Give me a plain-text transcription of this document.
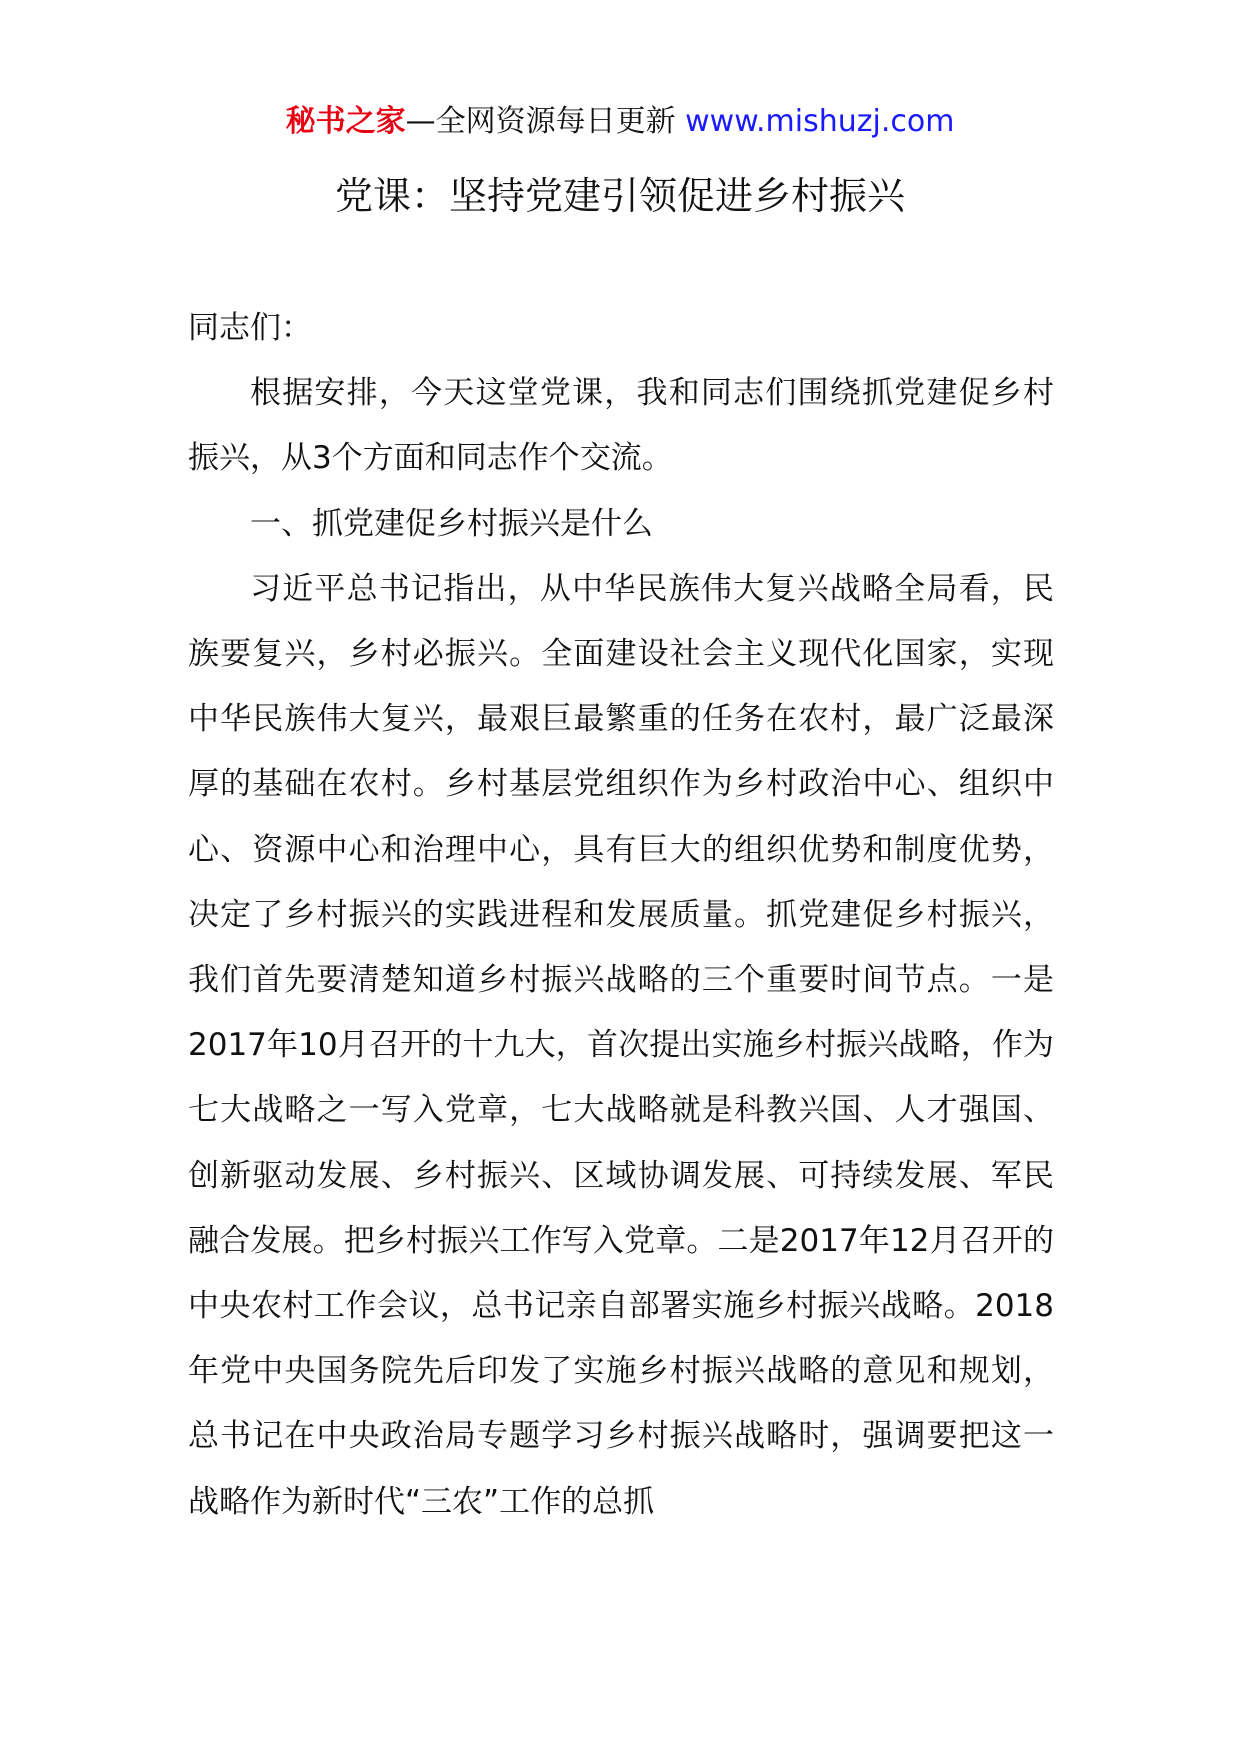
秘书之家—全网资源每日更新 www.mishuzj.com
党课：坚持党建引领促进乡村振兴

同志们：

根据安排，今天这堂党课，我和同志们围绕抓党建促乡村振兴，从3个方面和同志作个交流。

一、抓党建促乡村振兴是什么

习近平总书记指出，从中华民族伟大复兴战略全局看，民族要复兴，乡村必振兴。全面建设社会主义现代化国家，实现中华民族伟大复兴，最艰巨最繁重的任务在农村，最广泛最深厚的基础在农村。乡村基层党组织作为乡村政治中心、组织中心、资源中心和治理中心，具有巨大的组织优势和制度优势，决定了乡村振兴的实践进程和发展质量。抓党建促乡村振兴，我们首先要清楚知道乡村振兴战略的三个重要时间节点。一是2017年10月召开的十九大，首次提出实施乡村振兴战略，作为七大战略之一写入党章，七大战略就是科教兴国、人才强国、创新驱动发展、乡村振兴、区域协调发展、可持续发展、军民融合发展。把乡村振兴工作写入党章。二是2017年12月召开的中央农村工作会议，总书记亲自部署实施乡村振兴战略。2018年党中央国务院先后印发了实施乡村振兴战略的意见和规划，总书记在中央政治局专题学习乡村振兴战略时，强调要把这一战略作为新时代“三农”工作的总抓
